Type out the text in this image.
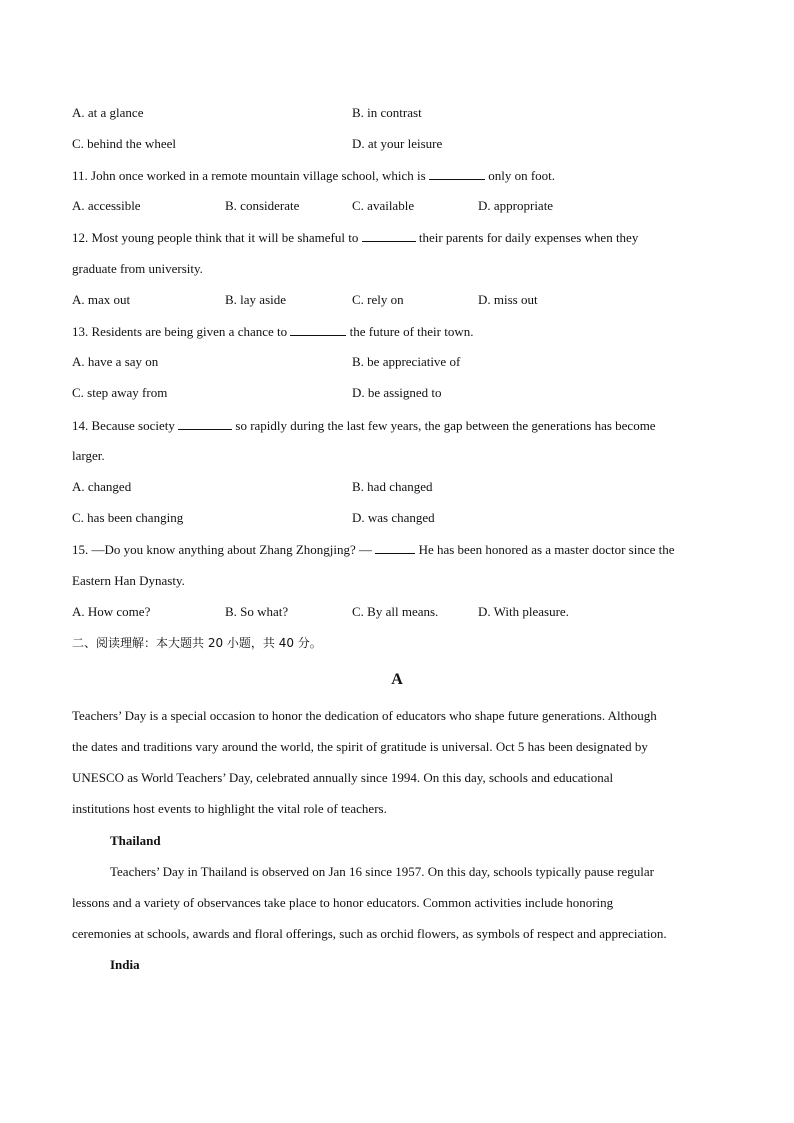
A. at a glance	B. in contrast
C. behind the wheel	D. at your leisure
11. John once worked in a remote mountain village school, which is	only on foot.
A. accessible	B. considerate	C. available	D. appropriate
12. Most young people think that it will be shameful to	their parents for daily expenses when they
graduate from university.
A. max out	B. lay aside	C. rely on	D. miss out
13. Residents are being given a chance to	the future of their town.
A. have a say on	B. be appreciative of
C. step away from	D. be assigned to
14. Because society	so rapidly during the last few years, the gap between the generations has become
larger.
A. changed	B. had changed
C. has been changing	D. was changed
15. —Do you know anything about Zhang Zhongjing? —	He has been honored as a master doctor since the
Eastern Han Dynasty.
A. How come?	B. So what?	C. By all means.	D. With pleasure.
二、阅读理解：本大题共 20 小题，共 40 分。
A
Teachers’ Day is a special occasion to honor the dedication of educators who shape future generations. Although
the dates and traditions vary around the world, the spirit of gratitude is universal. Oct 5 has been designated by
UNESCO as World Teachers’ Day, celebrated annually since 1994. On this day, schools and educational
institutions host events to highlight the vital role of teachers.
Thailand
Teachers’ Day in Thailand is observed on Jan 16 since 1957. On this day, schools typically pause regular
lessons and a variety of observances take place to honor educators. Common activities include honoring
ceremonies at schools, awards and floral offerings, such as orchid flowers, as symbols of respect and appreciation.
India
